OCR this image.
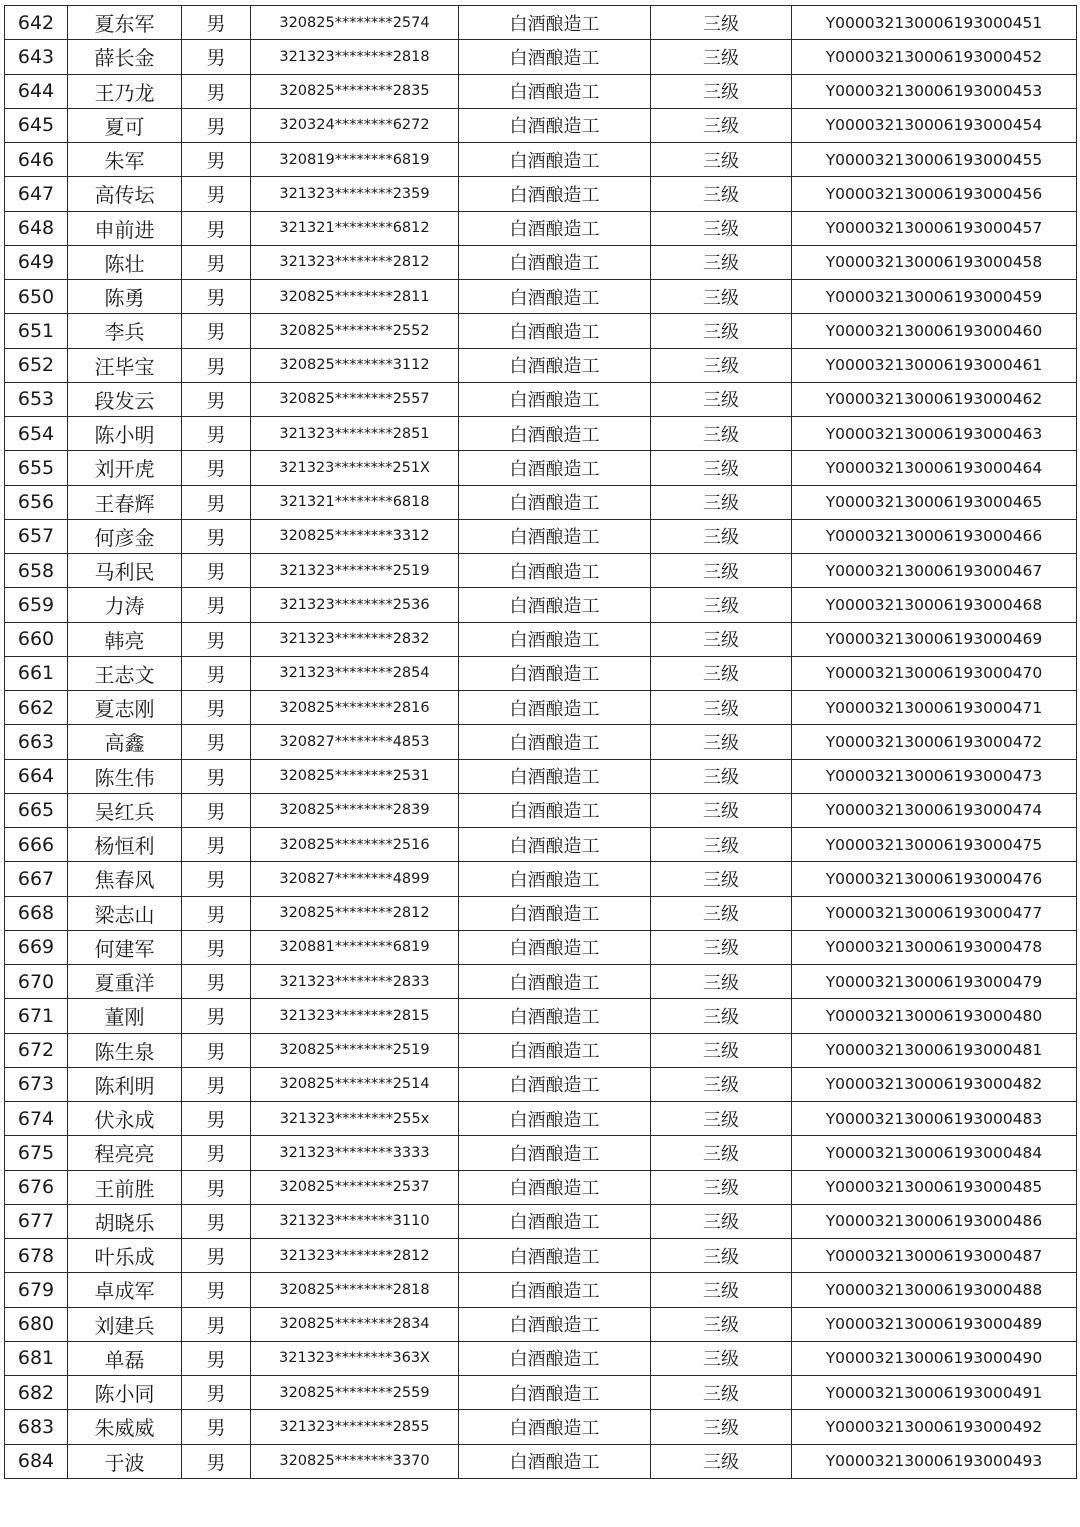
642	夏东军	男	320825********2574	白酒酿造工	三级	Y000032130006193000451
643	薛长金	男	321323********2818	白酒酿造工	三级	Y000032130006193000452
644	王乃龙	男	320825********2835	白酒酿造工	三级	Y000032130006193000453
645	夏可	男	320324********6272	白酒酿造工	三级	Y000032130006193000454
646	朱军	男	320819********6819	白酒酿造工	三级	Y000032130006193000455
647	高传坛	男	321323********2359	白酒酿造工	三级	Y000032130006193000456
648	申前进	男	321321********6812	白酒酿造工	三级	Y000032130006193000457
649	陈壮	男	321323********2812	白酒酿造工	三级	Y000032130006193000458
650	陈勇	男	320825********2811	白酒酿造工	三级	Y000032130006193000459
651	李兵	男	320825********2552	白酒酿造工	三级	Y000032130006193000460
652	汪毕宝	男	320825********3112	白酒酿造工	三级	Y000032130006193000461
653	段发云	男	320825********2557	白酒酿造工	三级	Y000032130006193000462
654	陈小明	男	321323********2851	白酒酿造工	三级	Y000032130006193000463
655	刘开虎	男	321323********251X	白酒酿造工	三级	Y000032130006193000464
656	王春辉	男	321321********6818	白酒酿造工	三级	Y000032130006193000465
657	何彦金	男	320825********3312	白酒酿造工	三级	Y000032130006193000466
658	马利民	男	321323********2519	白酒酿造工	三级	Y000032130006193000467
659	力涛	男	321323********2536	白酒酿造工	三级	Y000032130006193000468
660	韩亮	男	321323********2832	白酒酿造工	三级	Y000032130006193000469
661	王志文	男	321323********2854	白酒酿造工	三级	Y000032130006193000470
662	夏志刚	男	320825********2816	白酒酿造工	三级	Y000032130006193000471
663	高鑫	男	320827********4853	白酒酿造工	三级	Y000032130006193000472
664	陈生伟	男	320825********2531	白酒酿造工	三级	Y000032130006193000473
665	吴红兵	男	320825********2839	白酒酿造工	三级	Y000032130006193000474
666	杨恒利	男	320825********2516	白酒酿造工	三级	Y000032130006193000475
667	焦春风	男	320827********4899	白酒酿造工	三级	Y000032130006193000476
668	梁志山	男	320825********2812	白酒酿造工	三级	Y000032130006193000477
669	何建军	男	320881********6819	白酒酿造工	三级	Y000032130006193000478
670	夏重洋	男	321323********2833	白酒酿造工	三级	Y000032130006193000479
671	董刚	男	321323********2815	白酒酿造工	三级	Y000032130006193000480
672	陈生泉	男	320825********2519	白酒酿造工	三级	Y000032130006193000481
673	陈利明	男	320825********2514	白酒酿造工	三级	Y000032130006193000482
674	伏永成	男	321323********255x	白酒酿造工	三级	Y000032130006193000483
675	程亮亮	男	321323********3333	白酒酿造工	三级	Y000032130006193000484
676	王前胜	男	320825********2537	白酒酿造工	三级	Y000032130006193000485
677	胡晓乐	男	321323********3110	白酒酿造工	三级	Y000032130006193000486
678	叶乐成	男	321323********2812	白酒酿造工	三级	Y000032130006193000487
679	卓成军	男	320825********2818	白酒酿造工	三级	Y000032130006193000488
680	刘建兵	男	320825********2834	白酒酿造工	三级	Y000032130006193000489
681	单磊	男	321323********363X	白酒酿造工	三级	Y000032130006193000490
682	陈小同	男	320825********2559	白酒酿造工	三级	Y000032130006193000491
683	朱威威	男	321323********2855	白酒酿造工	三级	Y000032130006193000492
684	于波	男	320825********3370	白酒酿造工	三级	Y000032130006193000493
